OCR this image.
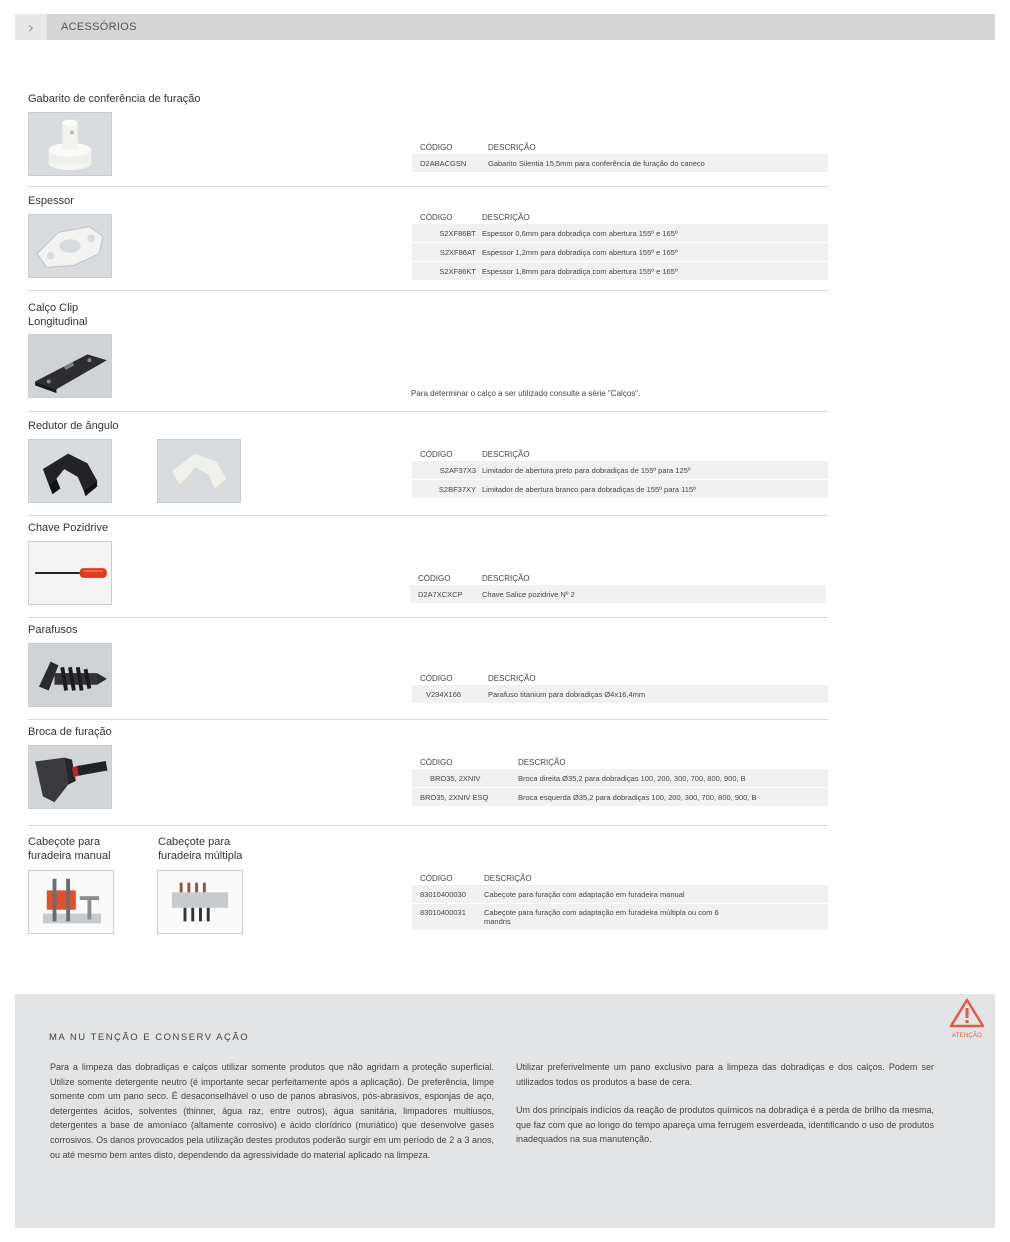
›	ACESSÓRIOS
Gabarito de conferência de furação
CÓDIGO	DESCRIÇÃO
D2ABACGSN	Gabarito Silentia 15,5mm para conferência de furação do caneco
Espessor
CÓDIGO	DESCRIÇÃO
S2XF86BT Espessor 0,6mm para dobradiça com abertura 155º e 165º
S2XF86AT Espessor 1,2mm para dobradiça com abertura 155º e 165º
S2XF86KT Espessor 1,8mm para dobradiça com abertura 155º e 165º
Calço Clip
Longitudinal
Para determinar o calço a ser utilizado consulte a série "Calços".
Redutor de ângulo
CÓDIGO	DESCRIÇÃO
S2AF37X3 Limitador de abertura preto para dobradiças de 155º para 125º
S2BF37XY Limitador de abertura branco para dobradiças de 155º para 115º
Chave Pozidrive
CÓDIGO	DESCRIÇÃO
D2A7XCXCP	Chave Salice pozidrive Nº 2
Parafusos
CÓDIGO	DESCRIÇÃO
V234X166	Parafuso titanium para dobradiças Ø4x16,4mm
Broca de furação
CÓDIGO	DESCRIÇÃO
BRO35, 2XNIV	Broca direita Ø35,2 para dobradiças 100, 200, 300, 700, 800, 900, B
BRO35, 2XNIV ESQ	Broca esquerda Ø35,2 para dobradiças 100, 200, 300, 700, 800, 900, B
Cabeçote para
furadeira manual
Cabeçote para
furadeira múltipla
CÓDIGO	DESCRIÇÃO
83010400030	Cabeçote para furação com adaptação em furadeira manual
83010400031	Cabeçote para furação com adaptação em furadeira múltipla ou com 6 mandris
MA NU TENÇÃO E CONSERV AÇÃO	ATENÇÃO

Para a limpeza das dobradiças e calços utilizar somente produtos que não agridam a proteção superficial. Utilize somente detergente neutro (é importante secar perfeitamente após a aplicação). De preferência, limpe somente com um pano seco. É desaconselhável o uso de panos abrasivos, pós-abrasivos, esponjas de aço, detergentes ácidos, solventes (thinner, água raz, entre outros), água sanitária, limpadores multiusos, detergentes a base de amoníaco (altamente corrosivo) e ácido clorídrico (muriático) que desenvolve gases corrosivos. Os danos provocados pela utilização destes produtos poderão surgir em um período de 2 a 3 anos, ou até mesmo bem antes disto, dependendo da agressividade do material aplicado na limpeza.

Utilizar preferivelmente um pano exclusivo para a limpeza das dobradiças e dos calços. Podem ser utilizados todos os produtos a base de cera.

Um dos principais indícios da reação de produtos químicos na dobradiça é a perda de brilho da mesma, que faz com que ao longo do tempo apareça uma ferrugem esverdeada, identificando o uso de produtos inadequados na sua manutenção.
